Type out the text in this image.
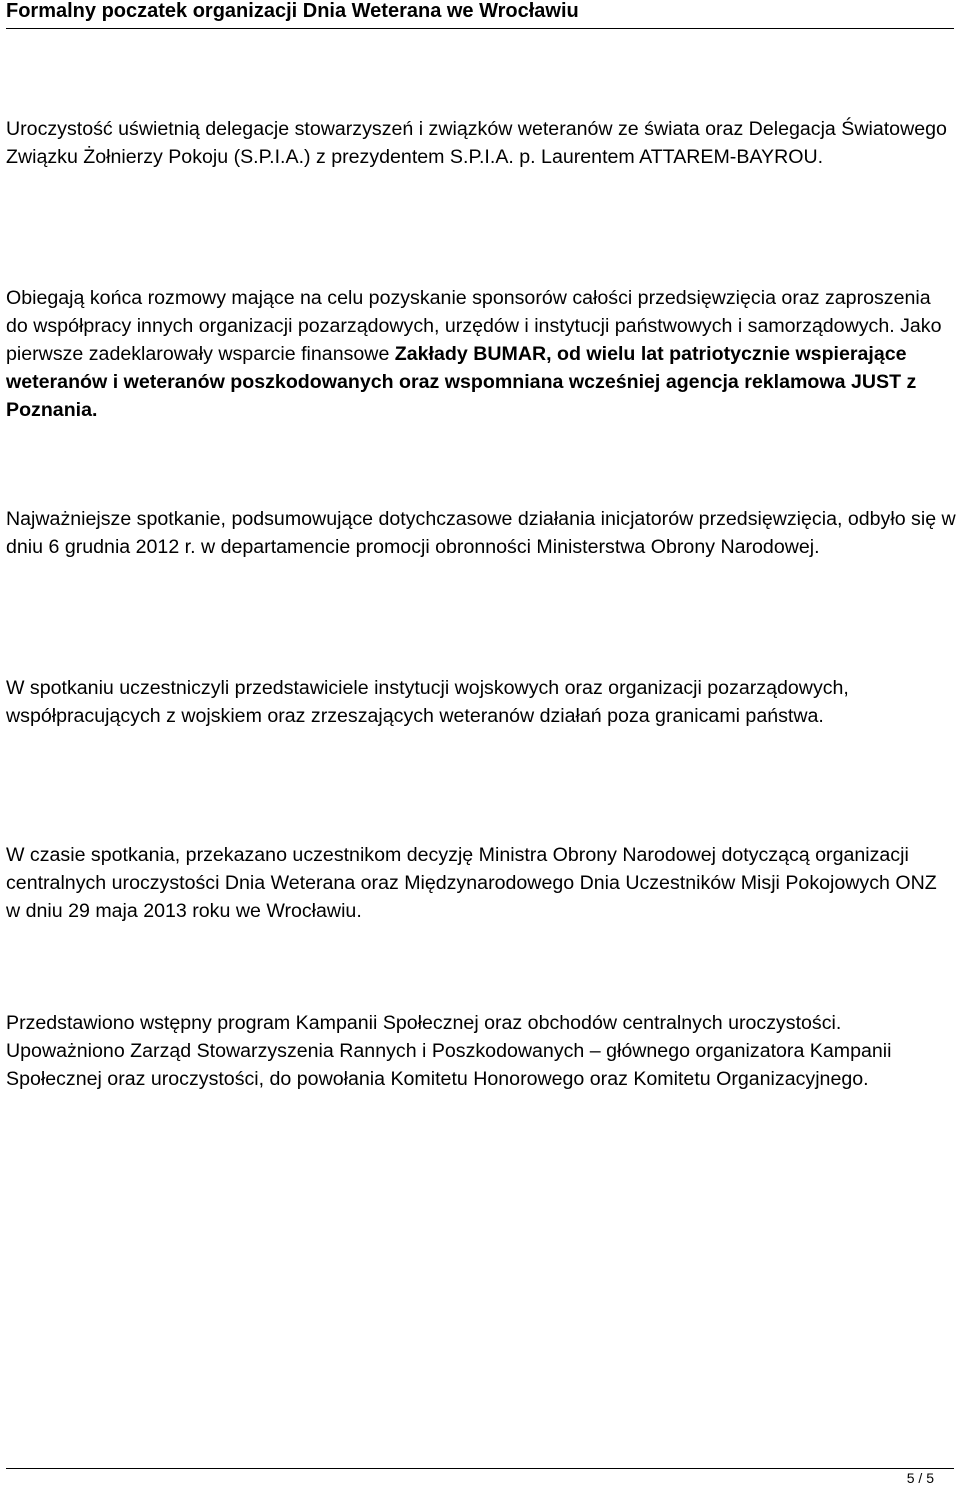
Formalny poczatek organizacji Dnia Weterana we Wrocławiu

Uroczystość uświetnią delegacje stowarzyszeń i związków weteranów ze świata oraz Delegacja Światowego Związku Żołnierzy Pokoju (S.P.I.A.) z prezydentem S.P.I.A. p. Laurentem ATTAREM-BAYROU.

Obiegają końca rozmowy mające na celu pozyskanie sponsorów całości przedsięwzięcia oraz zaproszenia do współpracy innych organizacji pozarządowych, urzędów i instytucji państwowych i samorządowych. Jako pierwsze zadeklarowały wsparcie finansowe Zakłady BUMAR, od wielu lat patriotycznie wspierające weteranów i weteranów poszkodowanych oraz wspomniana wcześniej agencja reklamowa JUST z Poznania.

Najważniejsze spotkanie, podsumowujące dotychczasowe działania inicjatorów przedsięwzięcia, odbyło się w dniu 6 grudnia 2012 r. w departamencie promocji obronności Ministerstwa Obrony Narodowej.

W spotkaniu uczestniczyli przedstawiciele instytucji wojskowych oraz organizacji pozarządowych, współpracujących z wojskiem oraz zrzeszających weteranów działań poza granicami państwa.

W czasie spotkania, przekazano uczestnikom decyzję Ministra Obrony Narodowej dotyczącą organizacji centralnych uroczystości Dnia Weterana oraz Międzynarodowego Dnia Uczestników Misji Pokojowych ONZ w dniu 29 maja 2013 roku we Wrocławiu.

Przedstawiono wstępny program Kampanii Społecznej oraz obchodów centralnych uroczystości. Upoważniono Zarząd Stowarzyszenia Rannych i Poszkodowanych – głównego organizatora Kampanii Społecznej oraz uroczystości, do powołania Komitetu Honorowego oraz Komitetu Organizacyjnego.

5 / 5
